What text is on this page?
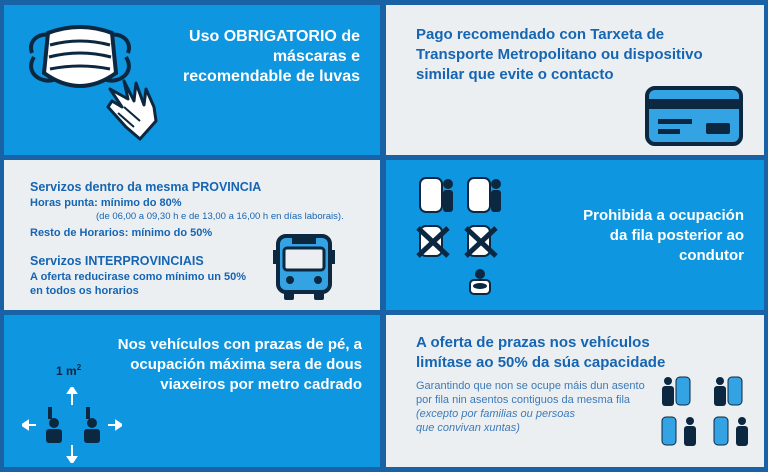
Uso OBRIGATORIO de
máscaras e
recomendable de luvas
Pago recomendado con Tarxeta de
Transporte Metropolitano ou dispositivo
similar que evite o contacto
Servizos dentro da mesma PROVINCIA
Horas punta: mínimo do 80%
(de 06,00 a 09,30 h e de 13,00 a 16,00 h en días laborais).
Resto de Horarios: mínimo do 50%
Servizos INTERPROVINCIAIS
A oferta reducirase como mínimo un 50%
en todos os horarios
Prohibida a ocupación
da fila posterior ao
condutor
Nos vehículos con prazas de pé, a
ocupación máxima sera de dous
viaxeiros por metro cadrado
1 $m^2$
A oferta de prazas nos vehículos
limítase ao 50% da súa capacidade
Garantindo que non se ocupe máis dun asento
por fila nin asentos contiguos da mesma fila
(excepto por familias ou persoas
que convivan xuntas)
